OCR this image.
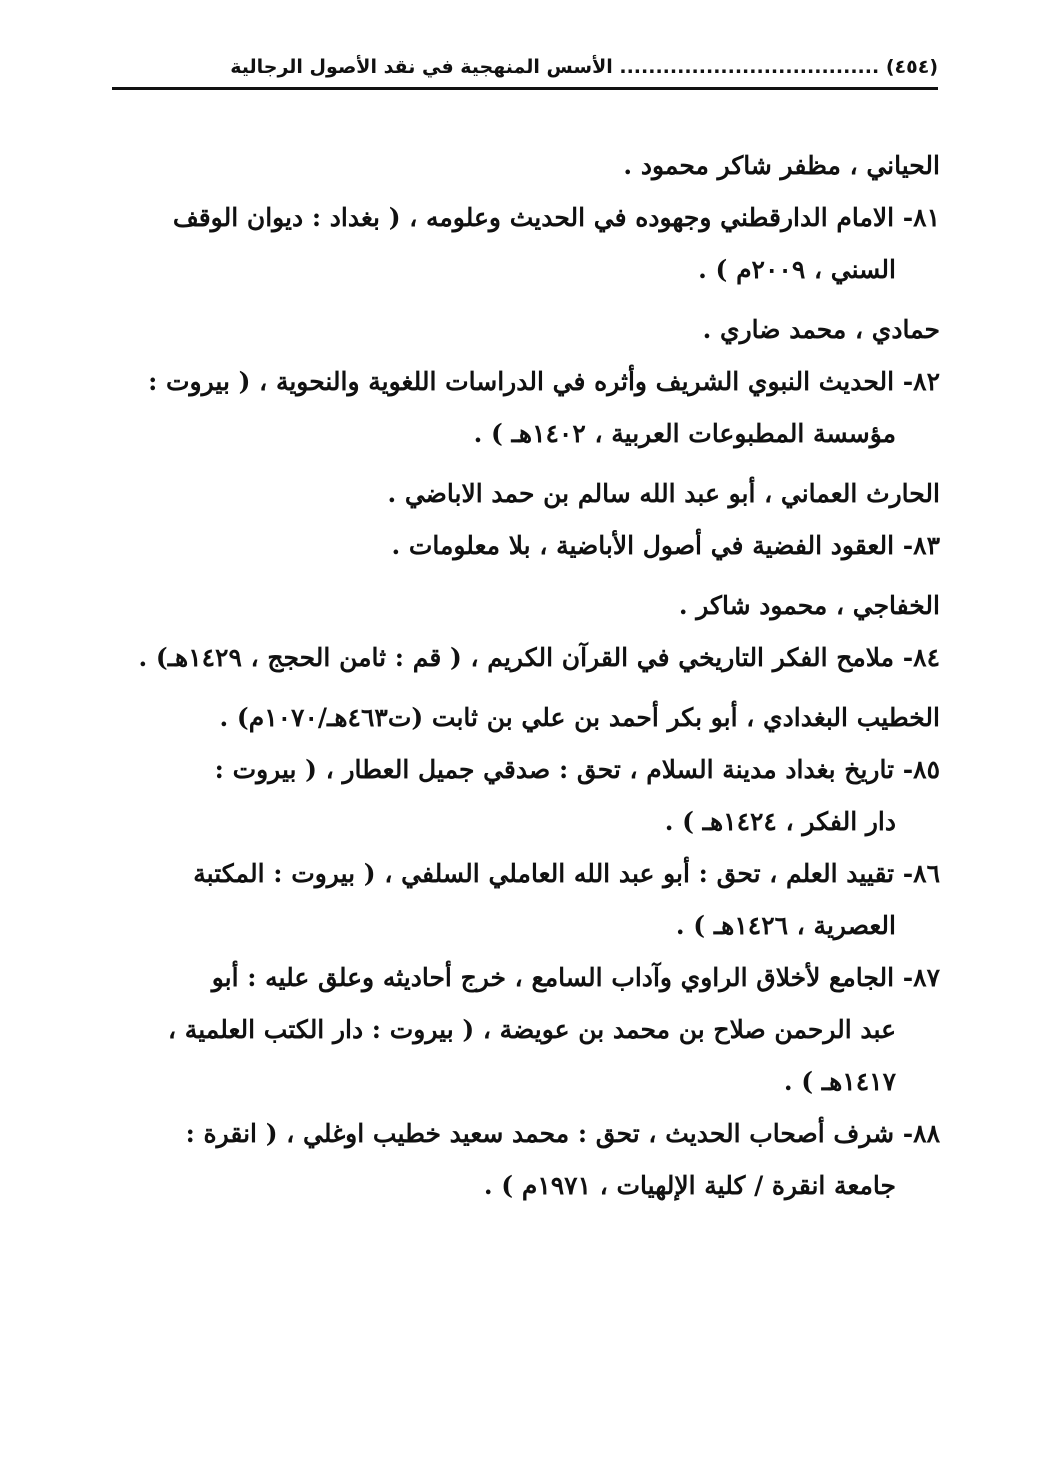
(٤٥٤) .................................... الأسس المنهجية في نقد الأصول الرجالية
الحياني ، مظفر شاكر محمود .
٨١- الامام الدارقطني وجهوده في الحديث وعلومه ، ( بغداد : ديوان الوقف
السني ، ٢٠٠٩م ) .
حمادي ، محمد ضاري .
٨٢- الحديث النبوي الشريف وأثره في الدراسات اللغوية والنحوية ، ( بيروت :
مؤسسة المطبوعات العربية ، ١٤٠٢هـ ) .
الحارث العماني ، أبو عبد الله سالم بن حمد الاباضي .
٨٣- العقود الفضية في أصول الأباضية ، بلا معلومات .
الخفاجي ، محمود شاكر .
٨٤- ملامح الفكر التاريخي في القرآن الكريم ، ( قم : ثامن الحجج ، ١٤٢٩هـ) .
الخطيب البغدادي ، أبو بكر أحمد بن علي بن ثابت (ت٤٦٣هـ/١٠٧٠م) .
٨٥- تاريخ بغداد مدينة السلام ، تحق : صدقي جميل العطار ، ( بيروت :
دار الفكر ، ١٤٢٤هـ ) .
٨٦- تقييد العلم ، تحق : أبو عبد الله العاملي السلفي ، ( بيروت : المكتبة
العصرية ، ١٤٢٦هـ ) .
٨٧- الجامع لأخلاق الراوي وآداب السامع ، خرج أحاديثه وعلق عليه : أبو
عبد الرحمن صلاح بن محمد بن عويضة ، ( بيروت : دار الكتب العلمية ،
١٤١٧هـ ) .
٨٨- شرف أصحاب الحديث ، تحق : محمد سعيد خطيب اوغلي ، ( انقرة :
جامعة انقرة / كلية الإلهيات ، ١٩٧١م ) .
